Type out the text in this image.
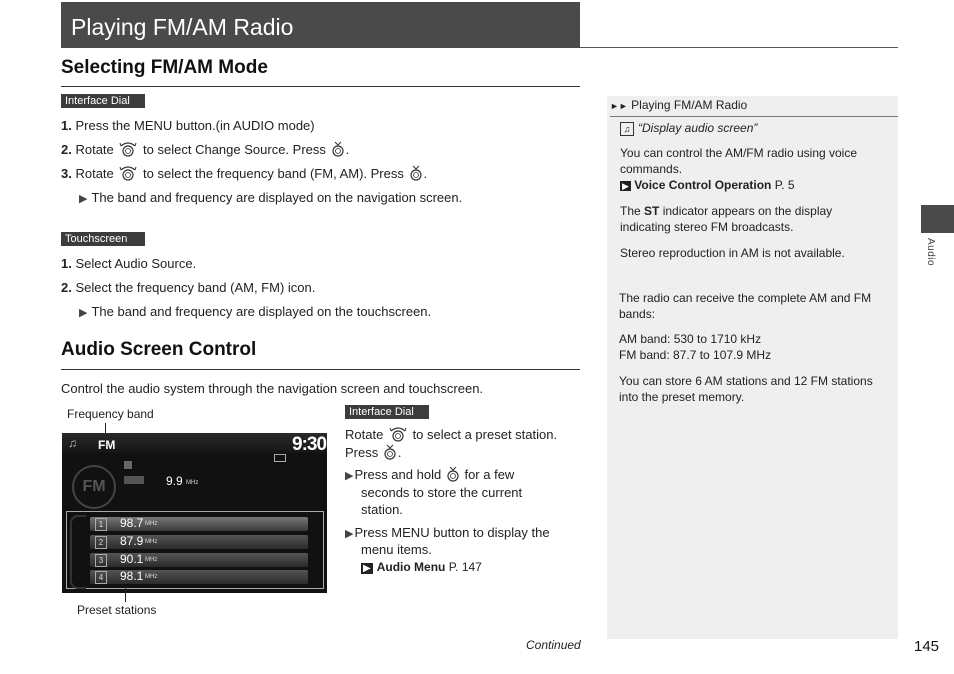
Playing FM/AM Radio
Selecting FM/AM Mode
Interface Dial
1. Press the MENU button.(in AUDIO mode)
2. Rotate to select Change Source. Press .
3. Rotate to select the frequency band (FM, AM). Press .
▶ The band and frequency are displayed on the navigation screen.
Touchscreen
1. Select Audio Source.
2. Select the frequency band (AM, FM) icon.
▶ The band and frequency are displayed on the touchscreen.
Audio Screen Control
Control the audio system through the navigation screen and touchscreen.
Frequency band
♫ FM	9:30
FM	9.9 MHz
1	98.7 MHz
2	87.9 MHz
3	90.1 MHz
4	98.1 MHz
Preset stations
Interface Dial
Rotate to select a preset station.
Press .
▶Press and hold for a few
seconds to store the current
station.
▶Press MENU button to display the
menu items.
▶ Audio Menu P. 147
Continued
►► Playing FM/AM Radio
♫ “Display audio screen”
You can control the AM/FM radio using voice
commands.
▶ Voice Control Operation P. 5
The ST indicator appears on the display
indicating stereo FM broadcasts.
Stereo reproduction in AM is not available.
The radio can receive the complete AM and FM
bands:
AM band: 530 to 1710 kHz
FM band: 87.7 to 107.9 MHz
You can store 6 AM stations and 12 FM stations
into the preset memory.
Audio
145
